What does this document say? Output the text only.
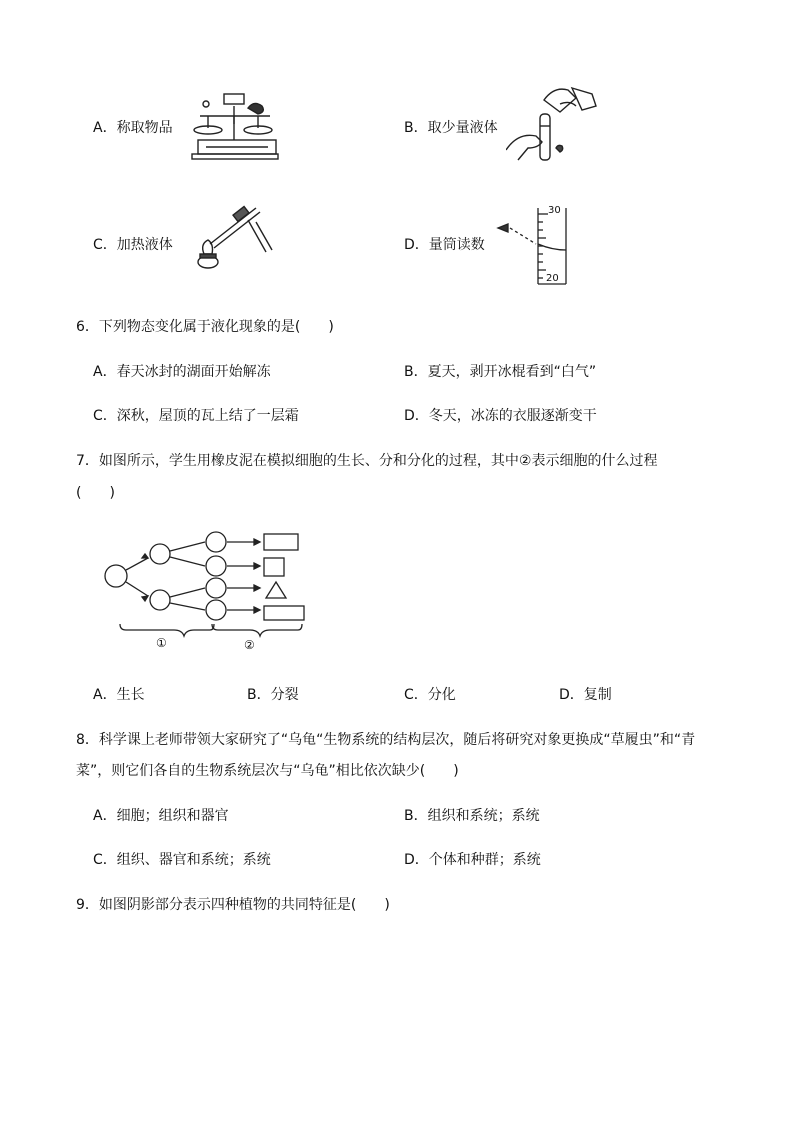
A．称取物品	B．取少量液体
C．加热液体	D．量筒读数
30
20
6．下列物态变化属于液化现象的是(　　)
A．春天冰封的湖面开始解冻	B．夏天，剥开冰棍看到“白气”
C．深秋，屋顶的瓦上结了一层霜	D．冬天，冰冻的衣服逐渐变干
7．如图所示，学生用橡皮泥在模拟细胞的生长、分和分化的过程，其中②表示细胞的什么过程
(　　)
①	②
A．生长	B．分裂	C．分化	D．复制
8．科学课上老师带领大家研究了“乌龟“生物系统的结构层次，随后将研究对象更换成“草履虫”和“青
菜”，则它们各自的生物系统层次与“乌龟”相比依次缺少(　　)
A．细胞；组织和器官	B．组织和系统；系统
C．组织、器官和系统；系统	D．个体和种群；系统
9．如图阴影部分表示四种植物的共同特征是(　　)
